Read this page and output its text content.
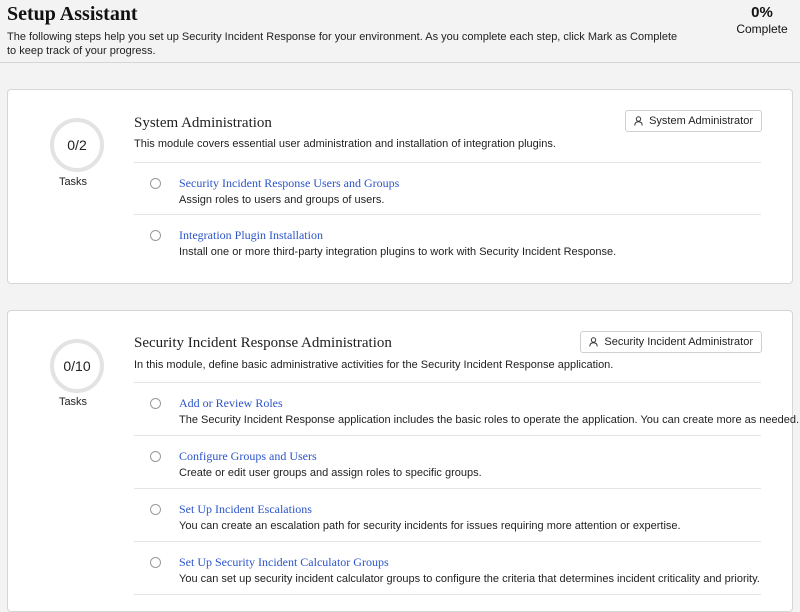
Setup Assistant
The following steps help you set up Security Incident Response for your environment. As you complete each step, click Mark as Complete to keep track of your progress.
0%
Complete
0/2
Tasks
System Administration
This module covers essential user administration and installation of integration plugins.
System Administrator
Security Incident Response Users and Groups
Assign roles to users and groups of users.
Integration Plugin Installation
Install one or more third-party integration plugins to work with Security Incident Response.
0/10
Tasks
Security Incident Response Administration
In this module, define basic administrative activities for the Security Incident Response application.
Security Incident Administrator
Add or Review Roles
The Security Incident Response application includes the basic roles to operate the application. You can create more as needed.
Configure Groups and Users
Create or edit user groups and assign roles to specific groups.
Set Up Incident Escalations
You can create an escalation path for security incidents for issues requiring more attention or expertise.
Set Up Security Incident Calculator Groups
You can set up security incident calculator groups to configure the criteria that determines incident criticality and priority.
